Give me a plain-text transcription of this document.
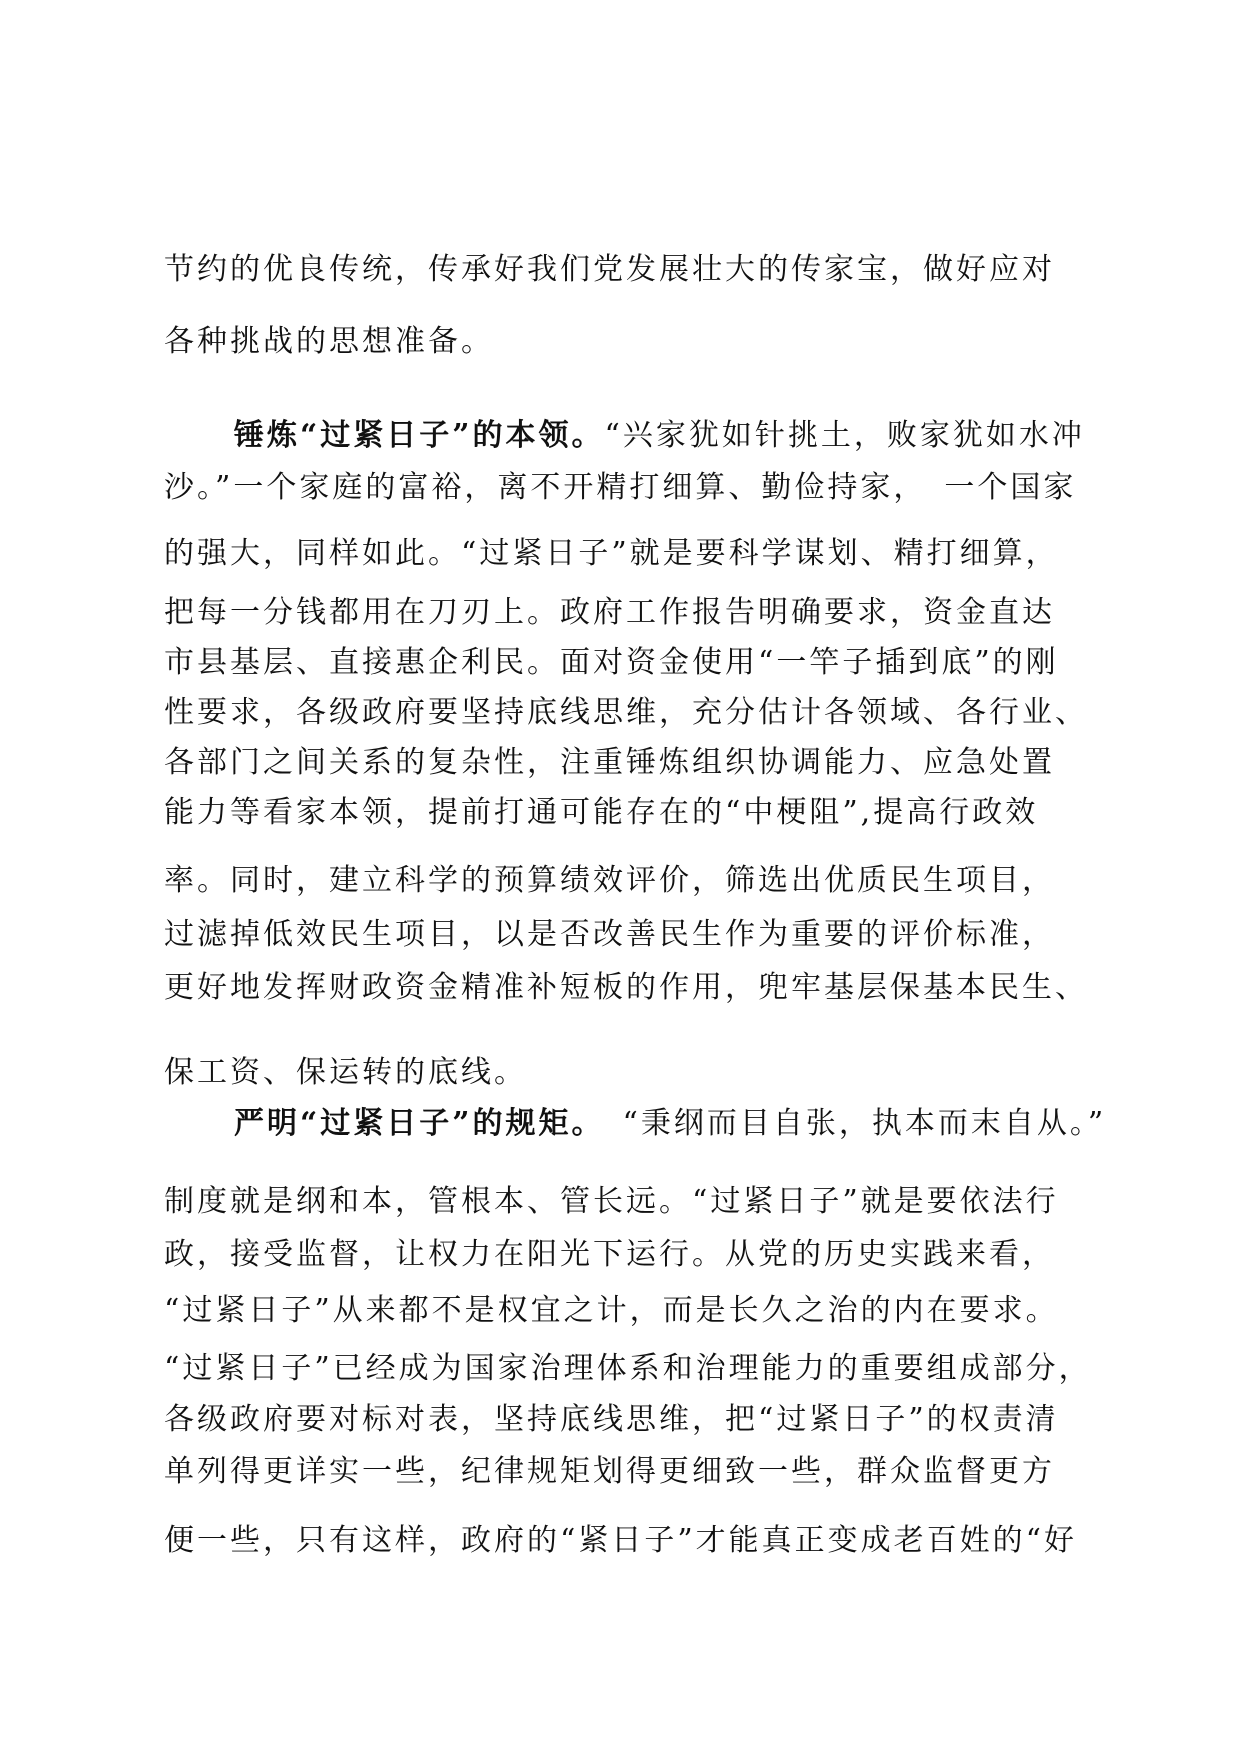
节约的优良传统，传承好我们党发展壮大的传家宝，做好应对
各种挑战的思想准备。
锤炼“过紧日子”的本领。“兴家犹如针挑土，败家犹如水冲
沙。”一个家庭的富裕，离不开精打细算、勤俭持家，　一个国家
的强大，同样如此。“过紧日子”就是要科学谋划、精打细算，
把每一分钱都用在刀刃上。政府工作报告明确要求，资金直达
市县基层、直接惠企利民。面对资金使用“一竿子插到底”的刚
性要求，各级政府要坚持底线思维，充分估计各领域、各行业、
各部门之间关系的复杂性，注重锤炼组织协调能力、应急处置
能力等看家本领，提前打通可能存在的“中梗阻”,提高行政效
率。同时，建立科学的预算绩效评价，筛选出优质民生项目，
过滤掉低效民生项目，以是否改善民生作为重要的评价标准，
更好地发挥财政资金精准补短板的作用，兜牢基层保基本民生、
保工资、保运转的底线。
严明“过紧日子”的规矩。 “秉纲而目自张，执本而末自从。”
制度就是纲和本，管根本、管长远。“过紧日子”就是要依法行
政，接受监督，让权力在阳光下运行。从党的历史实践来看，
“过紧日子”从来都不是权宜之计，而是长久之治的内在要求。
“过紧日子”已经成为国家治理体系和治理能力的重要组成部分，
各级政府要对标对表，坚持底线思维，把“过紧日子”的权责清
单列得更详实一些，纪律规矩划得更细致一些，群众监督更方
便一些，只有这样，政府的“紧日子”才能真正变成老百姓的“好
